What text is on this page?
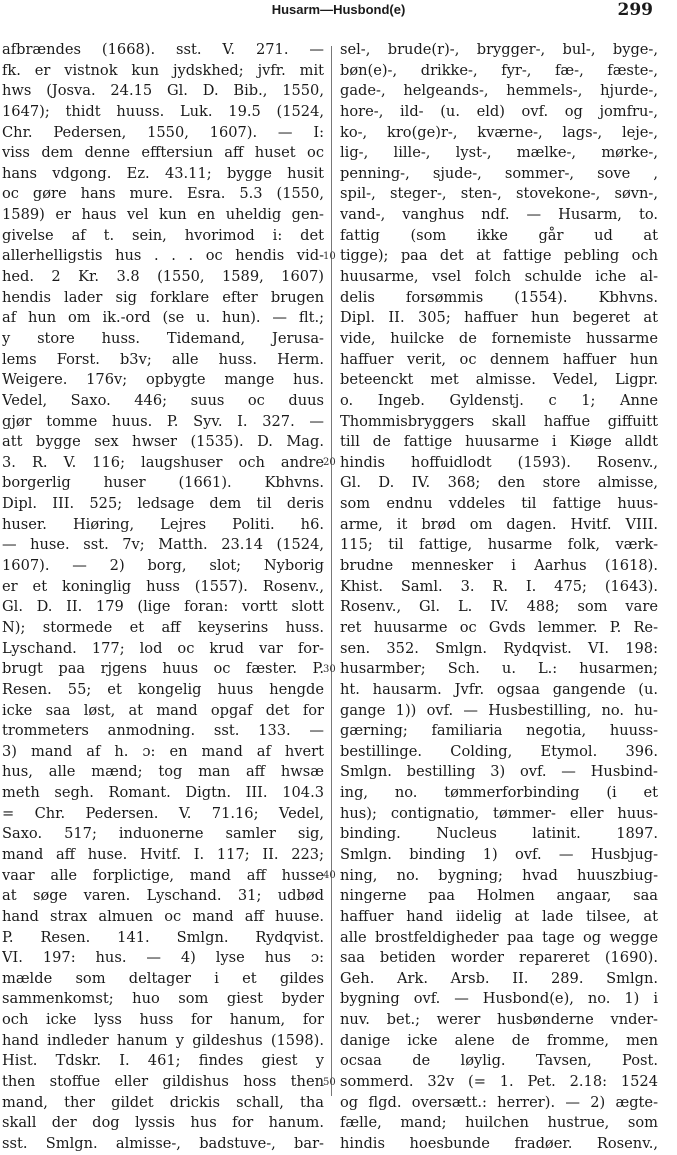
Husarm—Husbond(e)	299
afbrændes (1668). sst. V. 271. —
fk. er vistnok kun jydskhed; jvfr. mit
hws (Josva. 24.15 Gl. D. Bib., 1550,
1647); thidt huuss. Luk. 19.5 (1524,
Chr. Pedersen, 1550, 1607). — I:
viss dem denne efftersiun aff huset oc
hans vdgong. Ez. 43.11; bygge husit
oc gøre hans mure. Esra. 5.3 (1550,
1589) er haus vel kun en uheldig gen-
givelse af t. sein, hvorimod i: det
allerhelligstis hus . . . oc hendis vid-
hed. 2 Kr. 3.8 (1550, 1589, 1607)
hendis lader sig forklare efter brugen
af hun om ik.-ord (se u. hun). — flt.;
y store huss. Tidemand, Jerusa-
lems Forst. b3v; alle huss. Herm.
Weigere. 176v; opbygte mange hus.
Vedel, Saxo. 446; suus oc duus
gjør tomme huus. P. Syv. I. 327. —
att bygge sex hwser (1535). D. Mag.
3. R. V. 116; laugshuser och andre
borgerlig huser (1661). Kbhvns.
Dipl. III. 525; ledsage dem til deris
huser. Hiøring, Lejres Politi. h6.
— huse. sst. 7v; Matth. 23.14 (1524,
1607). — 2) borg, slot; Nyborig
er et koninglig huss (1557). Rosenv.,
Gl. D. II. 179 (lige foran: vortt slott
N); stormede et aff keyserins huss.
Lyschand. 177; lod oc krud var for-
brugt paa rjgens huus oc fæster. P.
Resen. 55; et kongelig huus hengde
icke saa løst, at mand opgaf det for
trommeters anmodning. sst. 133. —
3) mand af h. ɔ: en mand af hvert
hus, alle mænd; tog man aff hwsæ
meth segh. Romant. Digtn. III. 104.3
= Chr. Pedersen. V. 71.16; Vedel,
Saxo. 517; induonerne samler sig,
mand aff huse. Hvitf. I. 117; II. 223;
vaar alle forplictige, mand aff husse
at søge varen. Lyschand. 31; udbød
hand strax almuen oc mand aff huuse.
P. Resen. 141. Smlgn. Rydqvist.
VI. 197: hus. — 4) lyse hus ɔ:
mælde som deltager i et gildes
sammenkomst; huo som giest byder
och icke lyss huss for hanum, for
hand indleder hanum y gildeshus (1598).
Hist. Tdskr. I. 461; findes giest y
then stoffue eller gildishus hoss then
mand, ther gildet drickis schall, tha
skall der dog lyssis hus for hanum.
sst. Smlgn. almisse-, badstuve-, bar-
sel-, brude(r)-, brygger-, bul-, byge-,
bøn(e)-, drikke-, fyr-, fæ-, fæste-,
gade-, helgeands-, hemmels-, hjurde-,
hore-, ild- (u. eld) ovf. og jomfru-,
ko-, kro(ge)r-, kværne-, lags-, leje-,
lig-, lille-, lyst-, mælke-, mørke-,
penning-, sjude-, sommer-, sove ,
spil-, steger-, sten-, stovekone-, søvn-,
vand-, vanghus ndf. — Husarm, to.
fattig (som ikke går ud at
tigge); paa det at fattige pebling och
huusarme, vsel folch schulde iche al-
delis forsømmis (1554). Kbhvns.
Dipl. II. 305; haffuer hun begeret at
vide, huilcke de fornemiste hussarme
haffuer verit, oc dennem haffuer hun
beteenckt met almisse. Vedel, Ligpr.
o. Ingeb. Gyldenstj. c 1; Anne
Thommisbryggers skall haffue giffuitt
till de fattige huusarme i Kiøge alldt
hindis hoffuidlodt (1593). Rosenv.,
Gl. D. IV. 368; den store almisse,
som endnu vddeles til fattige huus-
arme, it brød om dagen. Hvitf. VIII.
115; til fattige, husarme folk, værk-
brudne mennesker i Aarhus (1618).
Khist. Saml. 3. R. I. 475; (1643).
Rosenv., Gl. L. IV. 488; som vare
ret huusarme oc Gvds lemmer. P. Re-
sen. 352. Smlgn. Rydqvist. VI. 198:
husarmber; Sch. u. L.: husarmen;
ht. hausarm. Jvfr. ogsaa gangende (u.
gange 1)) ovf. — Husbestilling, no. hu-
gærning; familiaria negotia, huuss-
bestillinge. Colding, Etymol. 396.
Smlgn. bestilling 3) ovf. — Husbind-
ing, no. tømmerforbinding (i et
hus); contignatio, tømmer- eller huus-
binding. Nucleus latinit. 1897.
Smlgn. binding 1) ovf. — Husbjug-
ning, no. bygning; hvad huuszbiug-
ningerne paa Holmen angaar, saa
haffuer hand iidelig at lade tilsee, at
alle brostfeldigheder paa tage og wegge
saa betiden worder repareret (1690).
Geh. Ark. Arsb. II. 289. Smlgn.
bygning ovf. — Husbond(e), no. 1) i
nuv. bet.; werer husbønderne vnder-
danige icke alene de fromme, men
ocsaa de løylig. Tavsen, Post.
sommerd. 32v (= 1. Pet. 2.18: 1524
og flgd. oversætt.: herrer). — 2) ægte-
fælle, mand; huilchen hustrue, som
hindis hoesbunde fradøer. Rosenv.,
10
20
30
40
50
